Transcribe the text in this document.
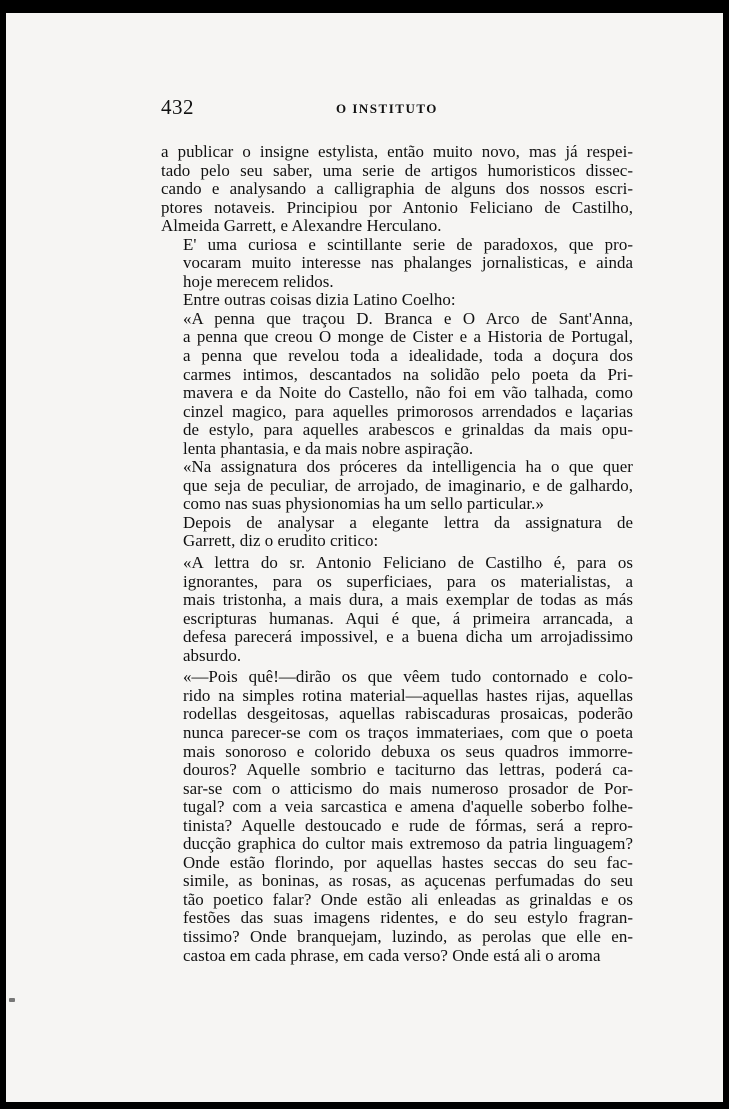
432	O INSTITUTO

a publicar o insigne estylista, então muito novo, mas já respei-
tado pelo seu saber, uma serie de artigos humoristicos dissec-
cando e analysando a calligraphia de alguns dos nossos escri-
ptores notaveis. Principiou por Antonio Feliciano de Castilho,
Almeida Garrett, e Alexandre Herculano.

E' uma curiosa e scintillante serie de paradoxos, que pro-
vocaram muito interesse nas phalanges jornalisticas, e ainda
hoje merecem relidos.

Entre outras coisas dizia Latino Coelho:

«A penna que traçou D. Branca e O Arco de Sant'Anna,
a penna que creou O monge de Cister e a Historia de Portugal,
a penna que revelou toda a idealidade, toda a doçura dos
carmes intimos, descantados na solidão pelo poeta da Pri-
mavera e da Noite do Castello, não foi em vão talhada, como
cinzel magico, para aquelles primorosos arrendados e laçarias
de estylo, para aquelles arabescos e grinaldas da mais opu-
lenta phantasia, e da mais nobre aspiração.

«Na assignatura dos próceres da intelligencia ha o que quer
que seja de peculiar, de arrojado, de imaginario, e de galhardo,
como nas suas physionomias ha um sello particular.»

Depois de analysar a elegante lettra da assignatura de
Garrett, diz o erudito critico:

«A lettra do sr. Antonio Feliciano de Castilho é, para os
ignorantes, para os superficiaes, para os materialistas, a
mais tristonha, a mais dura, a mais exemplar de todas as más
escripturas humanas. Aqui é que, á primeira arrancada, a
defesa parecerá impossivel, e a buena dicha um arrojadissimo
absurdo.

«—Pois quê!—dirão os que vêem tudo contornado e colo-
rido na simples rotina material—aquellas hastes rijas, aquellas
rodellas desgeitosas, aquellas rabiscaduras prosaicas, poderão
nunca parecer-se com os traços immateriaes, com que o poeta
mais sonoroso e colorido debuxa os seus quadros immorre-
douros? Aquelle sombrio e taciturno das lettras, poderá ca-
sar-se com o atticismo do mais numeroso prosador de Por-
tugal? com a veia sarcastica e amena d'aquelle soberbo folhe-
tinista? Aquelle destoucado e rude de fórmas, será a repro-
ducção graphica do cultor mais extremoso da patria linguagem?
Onde estão florindo, por aquellas hastes seccas do seu fac-
simile, as boninas, as rosas, as açucenas perfumadas do seu
tão poetico falar? Onde estão ali enleadas as grinaldas e os
festões das suas imagens ridentes, e do seu estylo fragran-
tissimo? Onde branquejam, luzindo, as perolas que elle en-
castoa em cada phrase, em cada verso? Onde está ali o aroma
